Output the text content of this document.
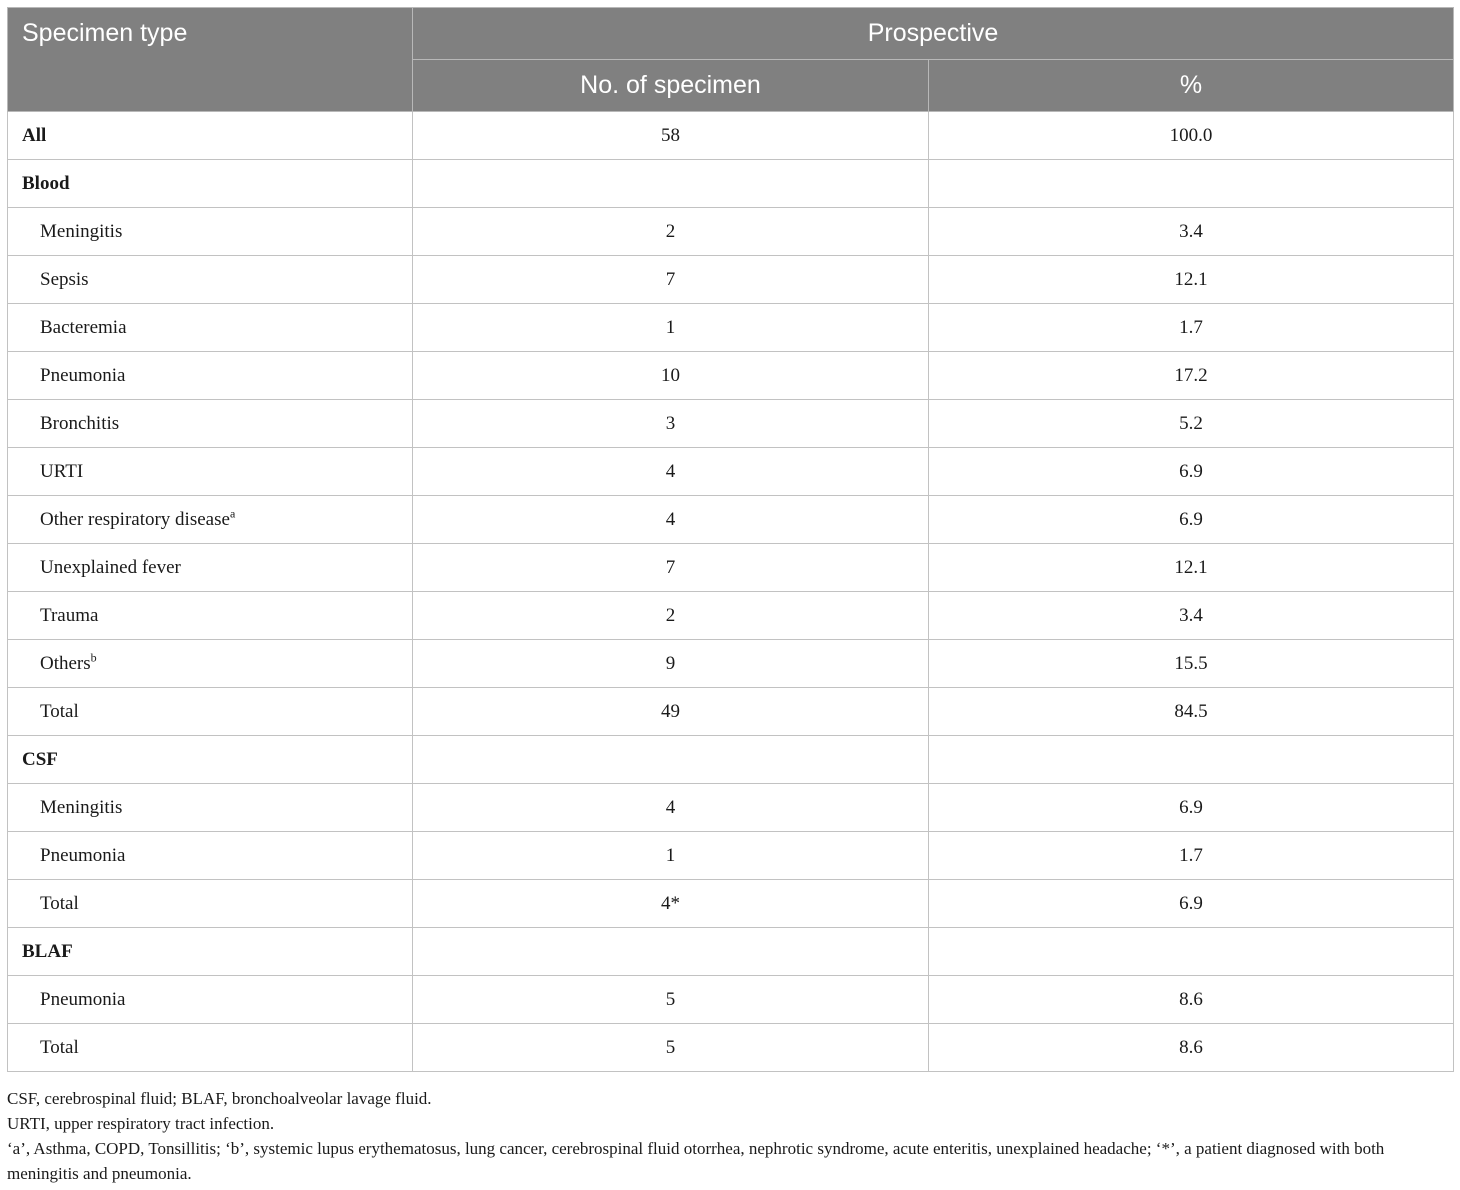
Specimen type	Prospective	
	No. of specimen	%
All	58	100.0
Blood		
Meningitis	2	3.4
Sepsis	7	12.1
Bacteremia	1	1.7
Pneumonia	10	17.2
Bronchitis	3	5.2
URTI	4	6.9
Other respiratory disease$^a$	4	6.9
Unexplained fever	7	12.1
Trauma	2	3.4
Others$^b$	9	15.5
Total	49	84.5
CSF		
Meningitis	4	6.9
Pneumonia	1	1.7
Total	4*	6.9
BLAF		
Pneumonia	5	8.6
Total	5	8.6

CSF, cerebrospinal fluid; BLAF, bronchoalveolar lavage fluid.

URTI, upper respiratory tract infection.

‘a’, Asthma, COPD, Tonsillitis; ‘b’, systemic lupus erythematosus, lung cancer, cerebrospinal fluid otorrhea, nephrotic syndrome, acute enteritis, unexplained headache; ‘*’, a patient diagnosed with both meningitis and pneumonia.
